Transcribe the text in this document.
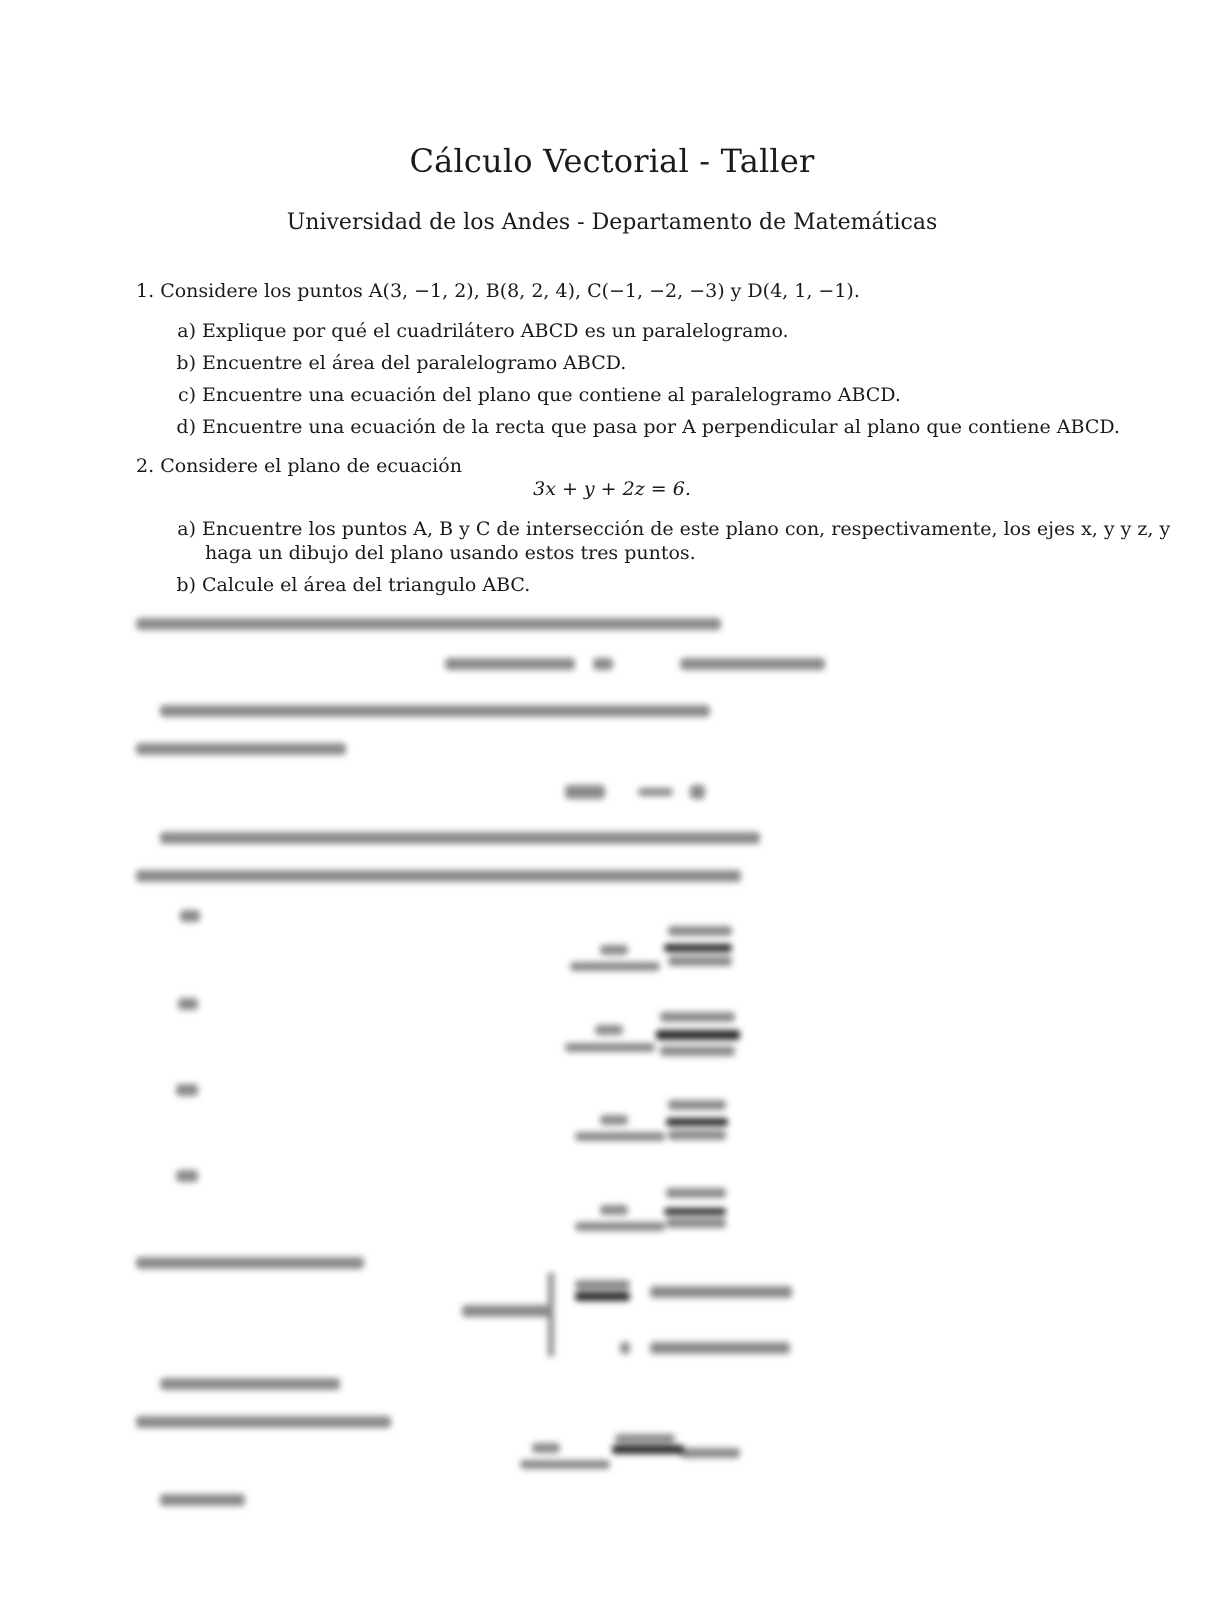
Cálculo Vectorial - Taller
Universidad de los Andes - Departamento de Matemáticas
1. Considere los puntos A(3, −1, 2), B(8, 2, 4), C(−1, −2, −3) y D(4, 1, −1).
a) Explique por qué el cuadrilátero ABCD es un paralelogramo.
b) Encuentre el área del paralelogramo ABCD.
c) Encuentre una ecuación del plano que contiene al paralelogramo ABCD.
d) Encuentre una ecuación de la recta que pasa por A perpendicular al plano que contiene ABCD.
2. Considere el plano de ecuación
3x + y + 2z = 6.
a) Encuentre los puntos A, B y C de intersección de este plano con, respectivamente, los ejes x, y y z, y
haga un dibujo del plano usando estos tres puntos.
b) Calcule el área del triangulo ABC.
